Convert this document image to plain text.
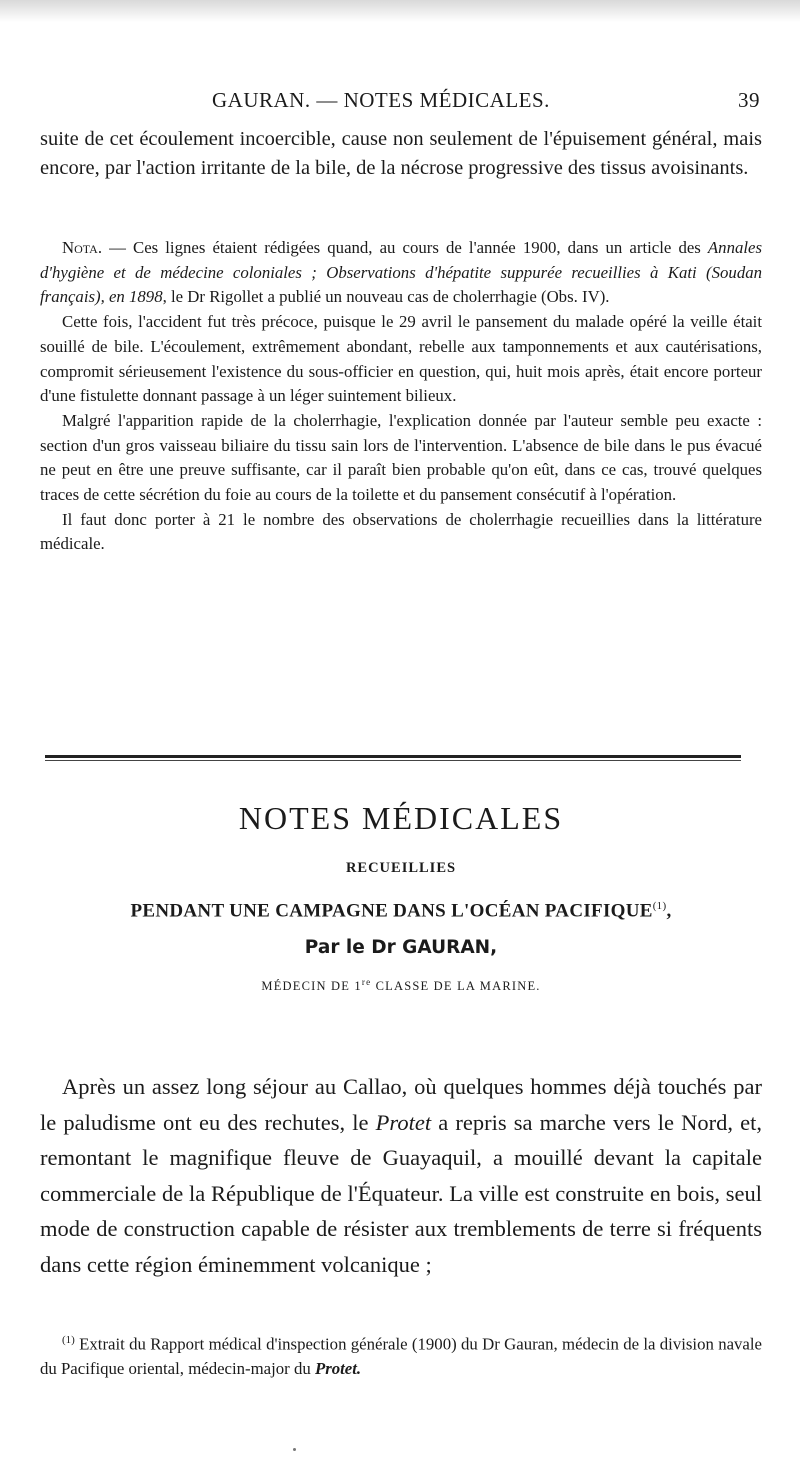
GAURAN. — NOTES MÉDICALES.	39

suite de cet écoulement incoercible, cause non seulement de l'épuisement général, mais encore, par l'action irritante de la bile, de la nécrose progressive des tissus avoisinants.

Nota. — Ces lignes étaient rédigées quand, au cours de l'année 1900, dans un article des Annales d'hygiène et de médecine coloniales ; Observations d'hépatite suppurée recueillies à Kati (Soudan français), en 1898, le Dr Rigollet a publié un nouveau cas de cholerrhagie (Obs. IV).

Cette fois, l'accident fut très précoce, puisque le 29 avril le pansement du malade opéré la veille était souillé de bile. L'écoulement, extrêmement abondant, rebelle aux tamponnements et aux cautérisations, compromit sérieusement l'existence du sous-officier en question, qui, huit mois après, était encore porteur d'une fistulette donnant passage à un léger suintement bilieux.

Malgré l'apparition rapide de la cholerrhagie, l'explication donnée par l'auteur semble peu exacte : section d'un gros vaisseau biliaire du tissu sain lors de l'intervention. L'absence de bile dans le pus évacué ne peut en être une preuve suffisante, car il paraît bien probable qu'on eût, dans ce cas, trouvé quelques traces de cette sécrétion du foie au cours de la toilette et du pansement consécutif à l'opération.

Il faut donc porter à 21 le nombre des observations de cholerrhagie recueillies dans la littérature médicale.

NOTES MÉDICALES
RECUEILLIES
PENDANT UNE CAMPAGNE DANS L'OCÉAN PACIFIQUE$^{(1)}$,
Par le Dr GAURAN,
MÉDECIN DE 1re CLASSE DE LA MARINE.

Après un assez long séjour au Callao, où quelques hommes déjà touchés par le paludisme ont eu des rechutes, le Protet a repris sa marche vers le Nord, et, remontant le magnifique fleuve de Guayaquil, a mouillé devant la capitale commerciale de la République de l'Équateur. La ville est construite en bois, seul mode de construction capable de résister aux tremblements de terre si fréquents dans cette région éminemment volcanique ;

$^{(1)}$ Extrait du Rapport médical d'inspection générale (1900) du Dr Gauran, médecin de la division navale du Pacifique oriental, médecin-major du Protet.
